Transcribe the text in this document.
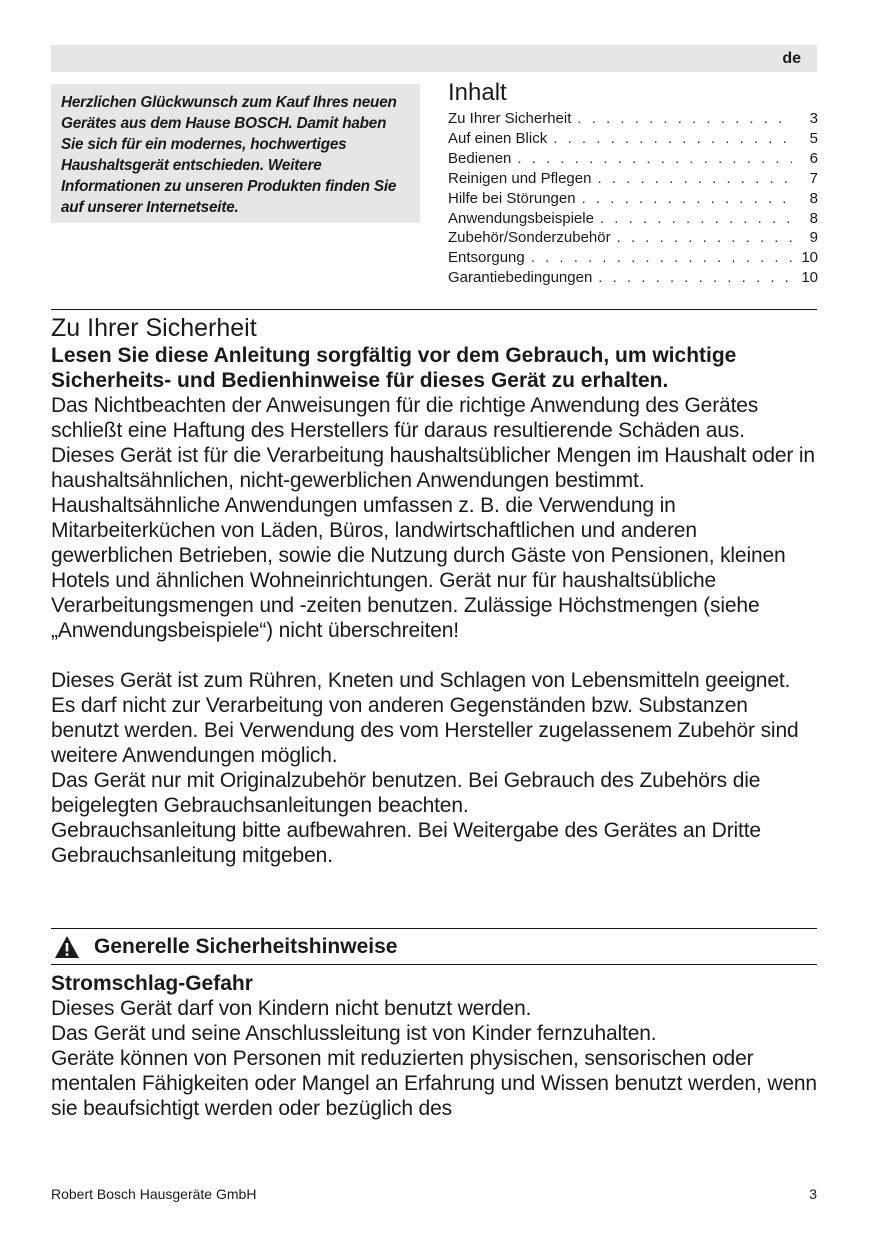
de
Herzlichen Glückwunsch zum Kauf Ihres neuen Gerätes aus dem Hause BOSCH. Damit haben Sie sich für ein modernes, hochwertiges Haushaltsgerät entschieden. Weitere Informationen zu unseren Produkten finden Sie auf unserer Internetseite.
Inhalt
Zu Ihrer Sicherheit . . .	3
Auf einen Blick . . .	5
Bedienen . . .	6
Reinigen und Pflegen . . .	7
Hilfe bei Störungen . . .	8
Anwendungsbeispiele . . .	8
Zubehör/Sonderzubehör . . .	9
Entsorgung . . .	10
Garantiebedingungen . . .	10
Zu Ihrer Sicherheit

Lesen Sie diese Anleitung sorgfältig vor dem Gebrauch, um wichtige Sicherheits- und Bedienhinweise für dieses Gerät zu erhalten.

Das Nichtbeachten der Anweisungen für die richtige Anwendung des Gerätes schließt eine Haftung des Herstellers für daraus resultierende Schäden aus.

Dieses Gerät ist für die Verarbeitung haushaltsüblicher Mengen im Haushalt oder in haushaltsähnlichen, nicht-gewerblichen Anwendungen bestimmt. Haushaltsähnliche Anwendungen umfassen z. B. die Verwendung in Mitarbeiterküchen von Läden, Büros, landwirtschaftlichen und anderen gewerblichen Betrieben, sowie die Nutzung durch Gäste von Pensionen, kleinen Hotels und ähnlichen Wohneinrichtungen. Gerät nur für haushaltsübliche Verarbeitungsmengen und -zeiten benutzen. Zulässige Höchstmengen (siehe „Anwendungsbeispiele“) nicht überschreiten!

Dieses Gerät ist zum Rühren, Kneten und Schlagen von Lebensmitteln geeignet. Es darf nicht zur Verarbeitung von anderen Gegenständen bzw. Substanzen benutzt werden. Bei Verwendung des vom Hersteller zugelassenem Zubehör sind weitere Anwendungen möglich.

Das Gerät nur mit Originalzubehör benutzen. Bei Gebrauch des Zubehörs die beigelegten Gebrauchsanleitungen beachten.

Gebrauchsanleitung bitte aufbewahren. Bei Weitergabe des Gerätes an Dritte Gebrauchsanleitung mitgeben.

Generelle Sicherheitshinweise

Stromschlag-Gefahr

Dieses Gerät darf von Kindern nicht benutzt werden.

Das Gerät und seine Anschlussleitung ist von Kinder fernzuhalten.

Geräte können von Personen mit reduzierten physischen, sensorischen oder mentalen Fähigkeiten oder Mangel an Erfahrung und Wissen benutzt werden, wenn sie beaufsichtigt werden oder bezüglich des

Robert Bosch Hausgeräte GmbH	3
